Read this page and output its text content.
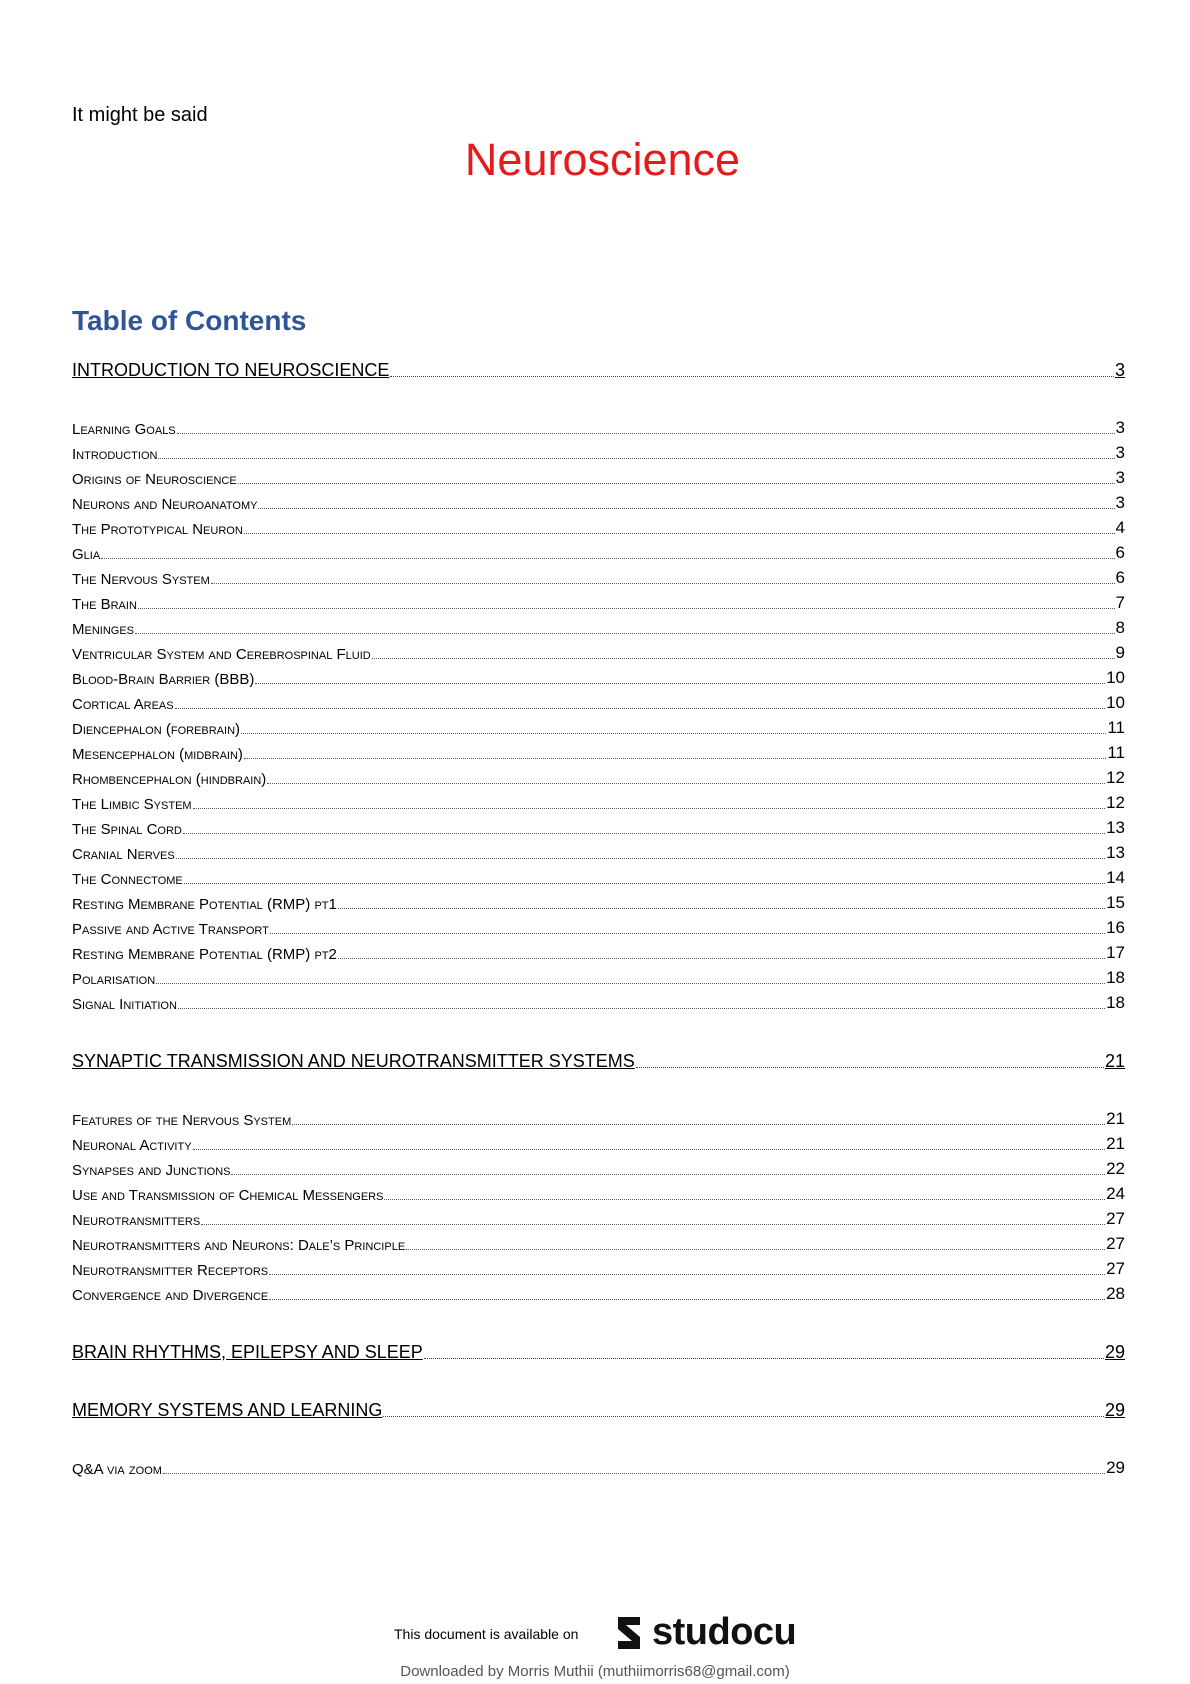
It might be said
Neuroscience
Table of Contents
INTRODUCTION TO NEUROSCIENCE	3
Learning Goals	3
Introduction	3
Origins of Neuroscience	3
Neurons and Neuroanatomy	3
The Prototypical Neuron	4
Glia	6
The Nervous System	6
The Brain	7
Meninges	8
Ventricular System and Cerebrospinal Fluid	9
Blood-Brain Barrier (BBB)	10
Cortical Areas	10
Diencephalon (forebrain)	11
Mesencephalon (midbrain)	11
Rhombencephalon (hindbrain)	12
The Limbic System	12
The Spinal Cord	13
Cranial Nerves	13
The Connectome	14
Resting Membrane Potential (RMP) pt1	15
Passive and Active Transport	16
Resting Membrane Potential (RMP) pt2	17
Polarisation	18
Signal Initiation	18
SYNAPTIC TRANSMISSION AND NEUROTRANSMITTER SYSTEMS	21
Features of the Nervous System	21
Neuronal Activity	21
Synapses and Junctions	22
Use and Transmission of Chemical Messengers	24
Neurotransmitters	27
Neurotransmitters and Neurons: Dale’s Principle	27
Neurotransmitter Receptors	27
Convergence and Divergence	28
BRAIN RHYTHMS, EPILEPSY AND SLEEP	29
MEMORY SYSTEMS AND LEARNING	29
Q&A via zoom	29
This document is available on studocu
Downloaded by Morris Muthii (muthiimorris68@gmail.com)
